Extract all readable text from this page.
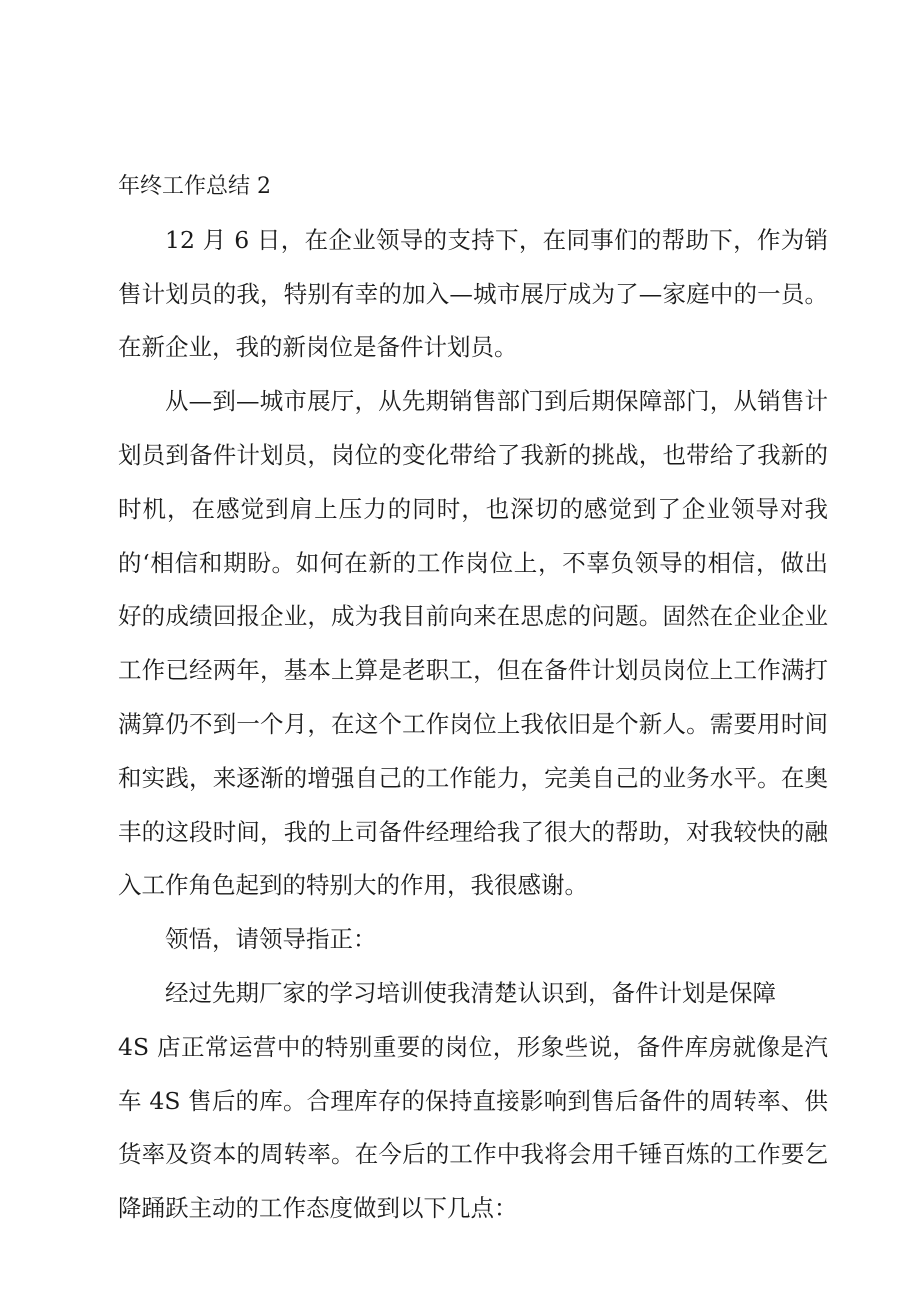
年终工作总结 2

12 月 6 日，在企业领导的支持下，在同事们的帮助下，作为销售计划员的我，特别有幸的加入—城市展厅成为了—家庭中的一员。在新企业，我的新岗位是备件计划员。

从—到—城市展厅，从先期销售部门到后期保障部门，从销售计划员到备件计划员，岗位的变化带给了我新的挑战，也带给了我新的时机，在感觉到肩上压力的同时，也深切的感觉到了企业领导对我的‘相信和期盼。如何在新的工作岗位上，不辜负领导的相信，做出好的成绩回报企业，成为我目前向来在思虑的问题。固然在企业企业工作已经两年，基本上算是老职工，但在备件计划员岗位上工作满打满算仍不到一个月，在这个工作岗位上我依旧是个新人。需要用时间和实践，来逐渐的增强自己的工作能力，完美自己的业务水平。在奥丰的这段时间，我的上司备件经理给我了很大的帮助，对我较快的融入工作角色起到的特别大的作用，我很感谢。

领悟，请领导指正：

经过先期厂家的学习培训使我清楚认识到，备件计划是保障
4S 店正常运营中的特别重要的岗位，形象些说，备件库房就像是汽车 4S 售后的库。合理库存的保持直接影响到售后备件的周转率、供货率及资本的周转率。在今后的工作中我将会用千锤百炼的工作要乞降踊跃主动的工作态度做到以下几点：
